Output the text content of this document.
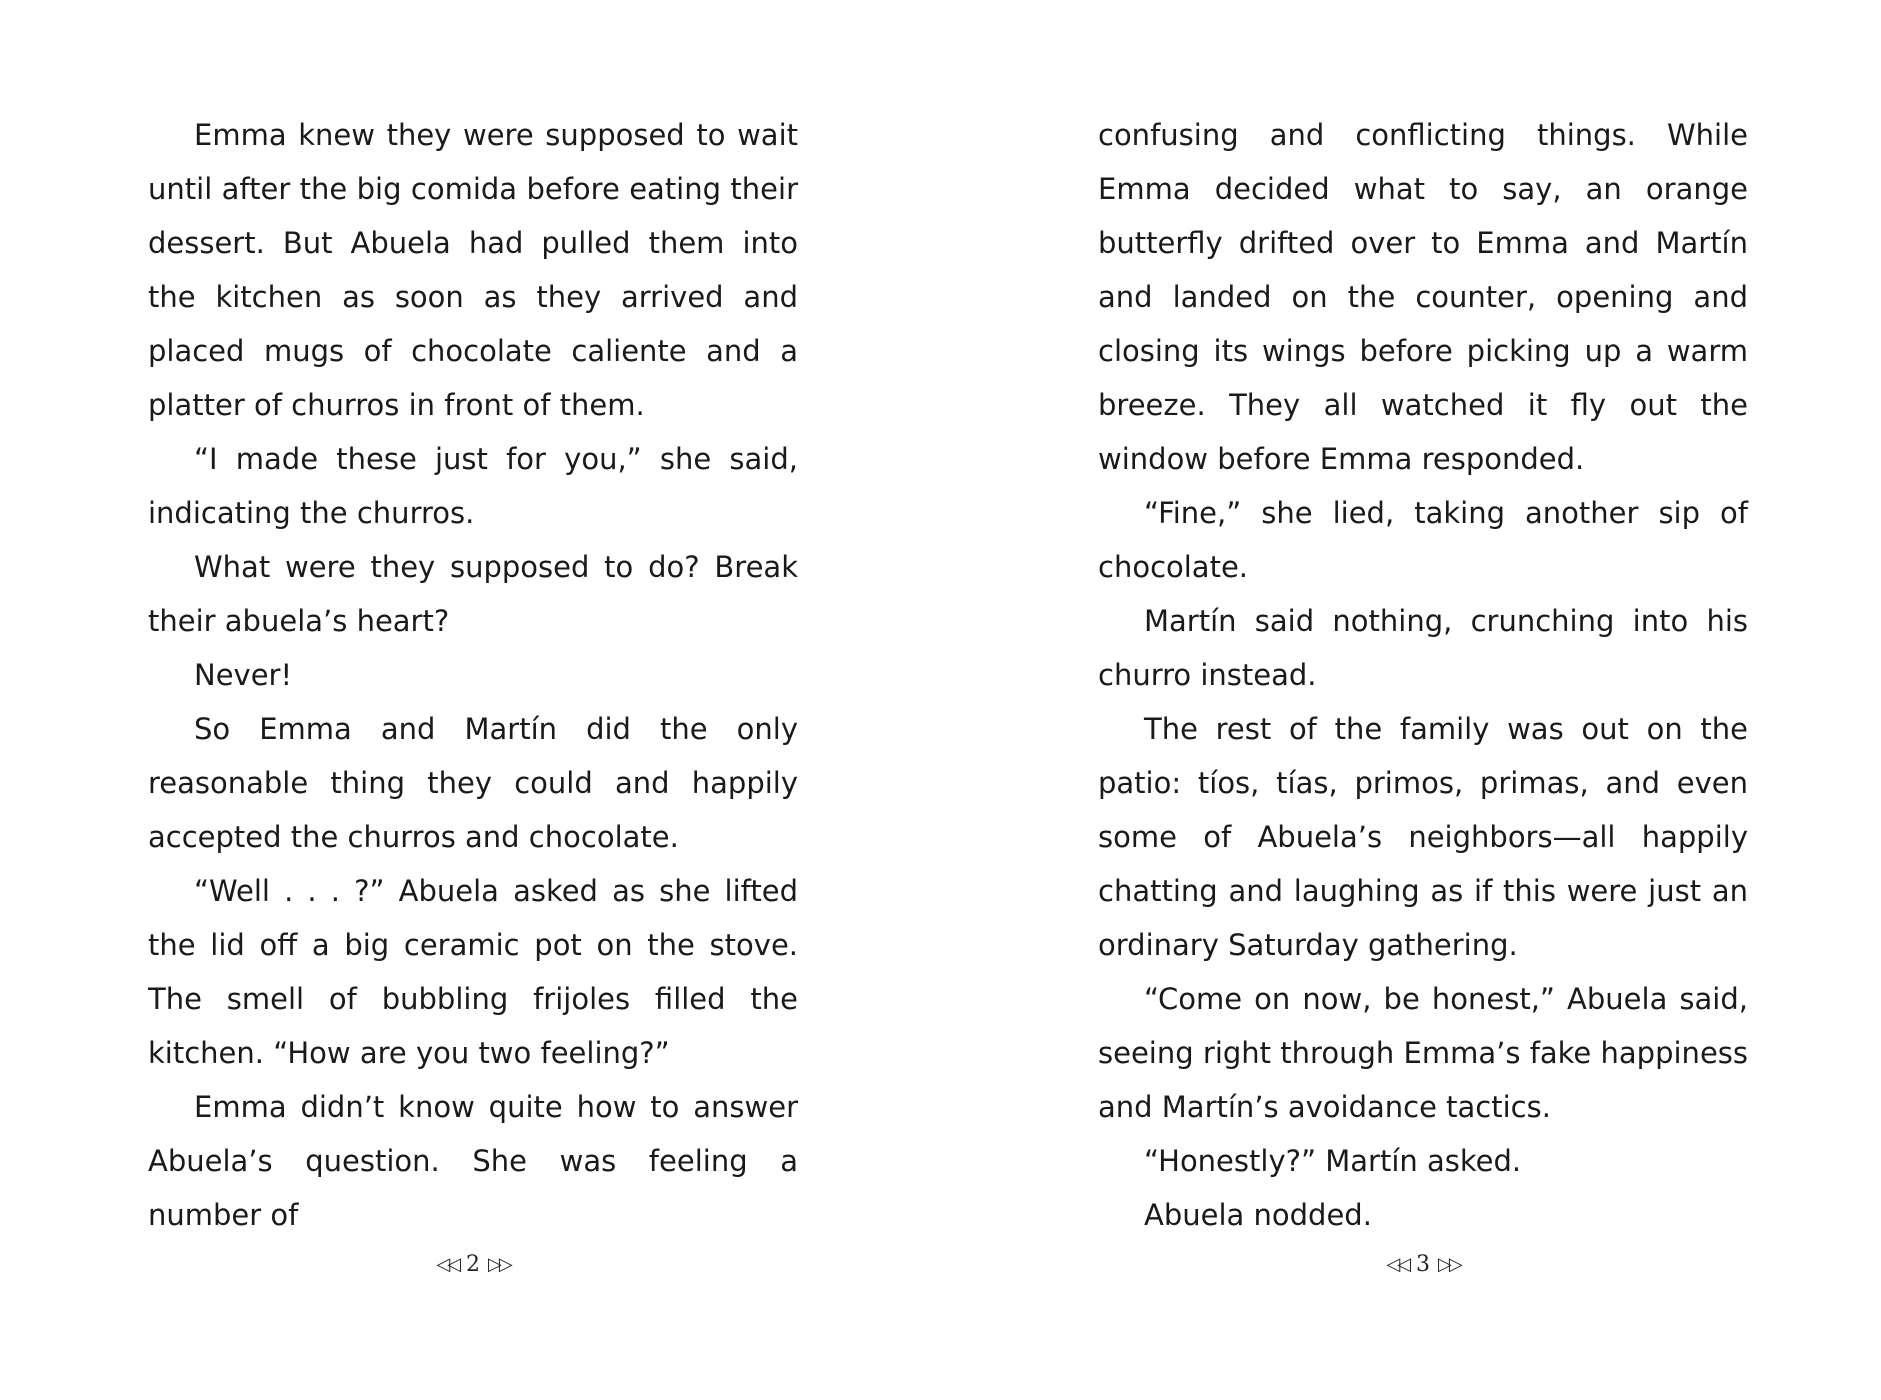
Emma knew they were supposed to wait until after the big comida before eating their dessert. But Abuela had pulled them into the kitchen as soon as they arrived and placed mugs of chocolate caliente and a platter of churros in front of them.

“I made these just for you,” she said, indicating the churros.

What were they supposed to do? Break their abuela’s heart?

Never!

So Emma and Martín did the only reasonable thing they could and happily accepted the churros and chocolate.

“Well . . . ?” Abuela asked as she lifted the lid off a big ceramic pot on the stove. The smell of bubbling frijoles filled the kitchen. “How are you two feeling?”

Emma didn’t know quite how to answer Abuela’s question. She was feeling a number of

◁◁ 2 ▷▷

confusing and conflicting things. While Emma decided what to say, an orange butterfly drifted over to Emma and Martín and landed on the counter, opening and closing its wings before picking up a warm breeze. They all watched it fly out the window before Emma responded.

“Fine,” she lied, taking another sip of chocolate.

Martín said nothing, crunching into his churro instead.

The rest of the family was out on the patio: tíos, tías, primos, primas, and even some of Abuela’s neighbors—all happily chatting and laughing as if this were just an ordinary Saturday gathering.

“Come on now, be honest,” Abuela said, seeing right through Emma’s fake happiness and Martín’s avoidance tactics.

“Honestly?” Martín asked.

Abuela nodded.

◁◁ 3 ▷▷
